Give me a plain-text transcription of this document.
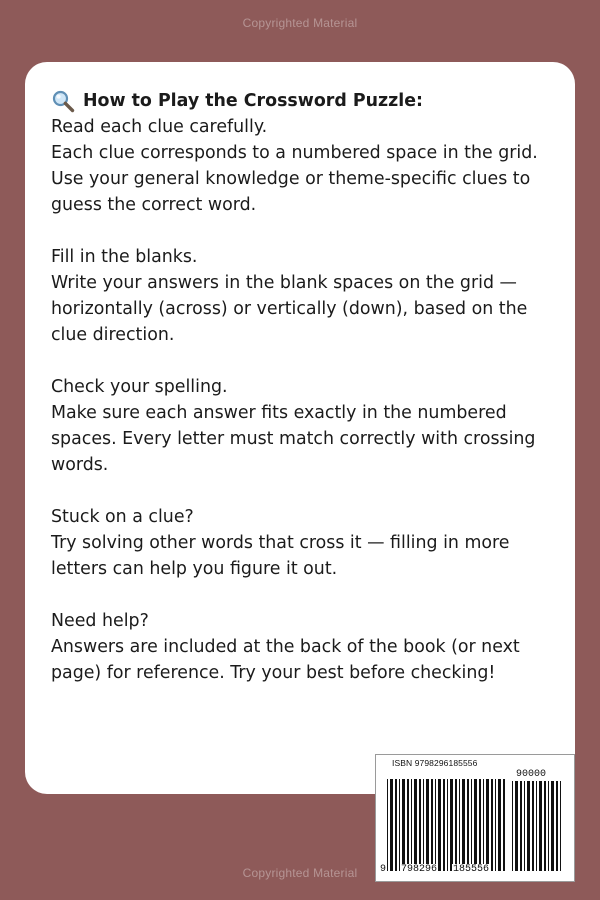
Copyrighted Material
How to Play the Crossword Puzzle:

Read each clue carefully.

Each clue corresponds to a numbered space in the grid. Use your general knowledge or theme-specific clues to guess the correct word.

Fill in the blanks.

Write your answers in the blank spaces on the grid — horizontally (across) or vertically (down), based on the clue direction.

Check your spelling.

Make sure each answer fits exactly in the numbered spaces. Every letter must match correctly with crossing words.

Stuck on a clue?

Try solving other words that cross it — filling in more letters can help you figure it out.

Need help?

Answers are included at the back of the book (or next page) for reference. Try your best before checking!

ISBN 9798296185556
90000
9 798296 185556
Copyrighted Material
